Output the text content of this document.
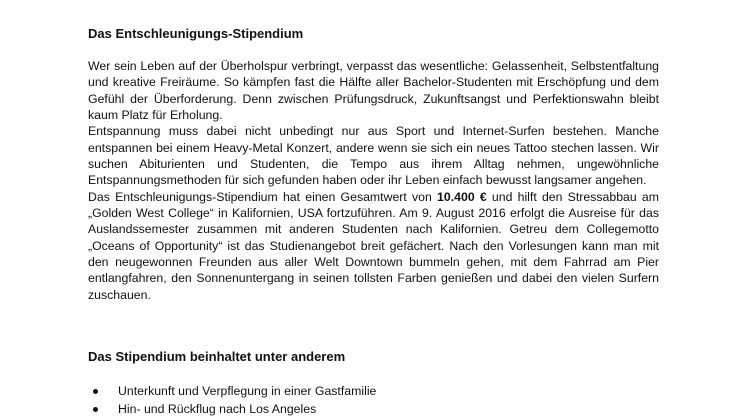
Das Entschleunigungs-Stipendium

Wer sein Leben auf der Überholspur verbringt, verpasst das wesentliche: Gelassenheit, Selbstentfaltung und kreative Freiräume. So kämpfen fast die Hälfte aller Bachelor-Studenten mit Erschöpfung und dem Gefühl der Überforderung. Denn zwischen Prüfungsdruck, Zukunftsangst und Perfektionswahn bleibt kaum Platz für Erholung.

Entspannung muss dabei nicht unbedingt nur aus Sport und Internet-Surfen bestehen. Manche entspannen bei einem Heavy-Metal Konzert, andere wenn sie sich ein neues Tattoo stechen lassen. Wir suchen Abiturienten und Studenten, die Tempo aus ihrem Alltag nehmen, ungewöhnliche Entspannungsmethoden für sich gefunden haben oder ihr Leben einfach bewusst langsamer angehen.

Das Entschleunigungs-Stipendium hat einen Gesamtwert von 10.400 € und hilft den Stressabbau am „Golden West College“ in Kalifornien, USA fortzuführen. Am 9. August 2016 erfolgt die Ausreise für das Auslandssemester zusammen mit anderen Studenten nach Kalifornien. Getreu dem Collegemotto „Oceans of Opportunity“ ist das Studienangebot breit gefächert. Nach den Vorlesungen kann man mit den neugewonnen Freunden aus aller Welt Downtown bummeln gehen, mit dem Fahrrad am Pier entlangfahren, den Sonnenuntergang in seinen tollsten Farben genießen und dabei den vielen Surfern zuschauen.

Das Stipendium beinhaltet unter anderem
Unterkunft und Verpflegung in einer Gastfamilie
Hin- und Rückflug nach Los Angeles
